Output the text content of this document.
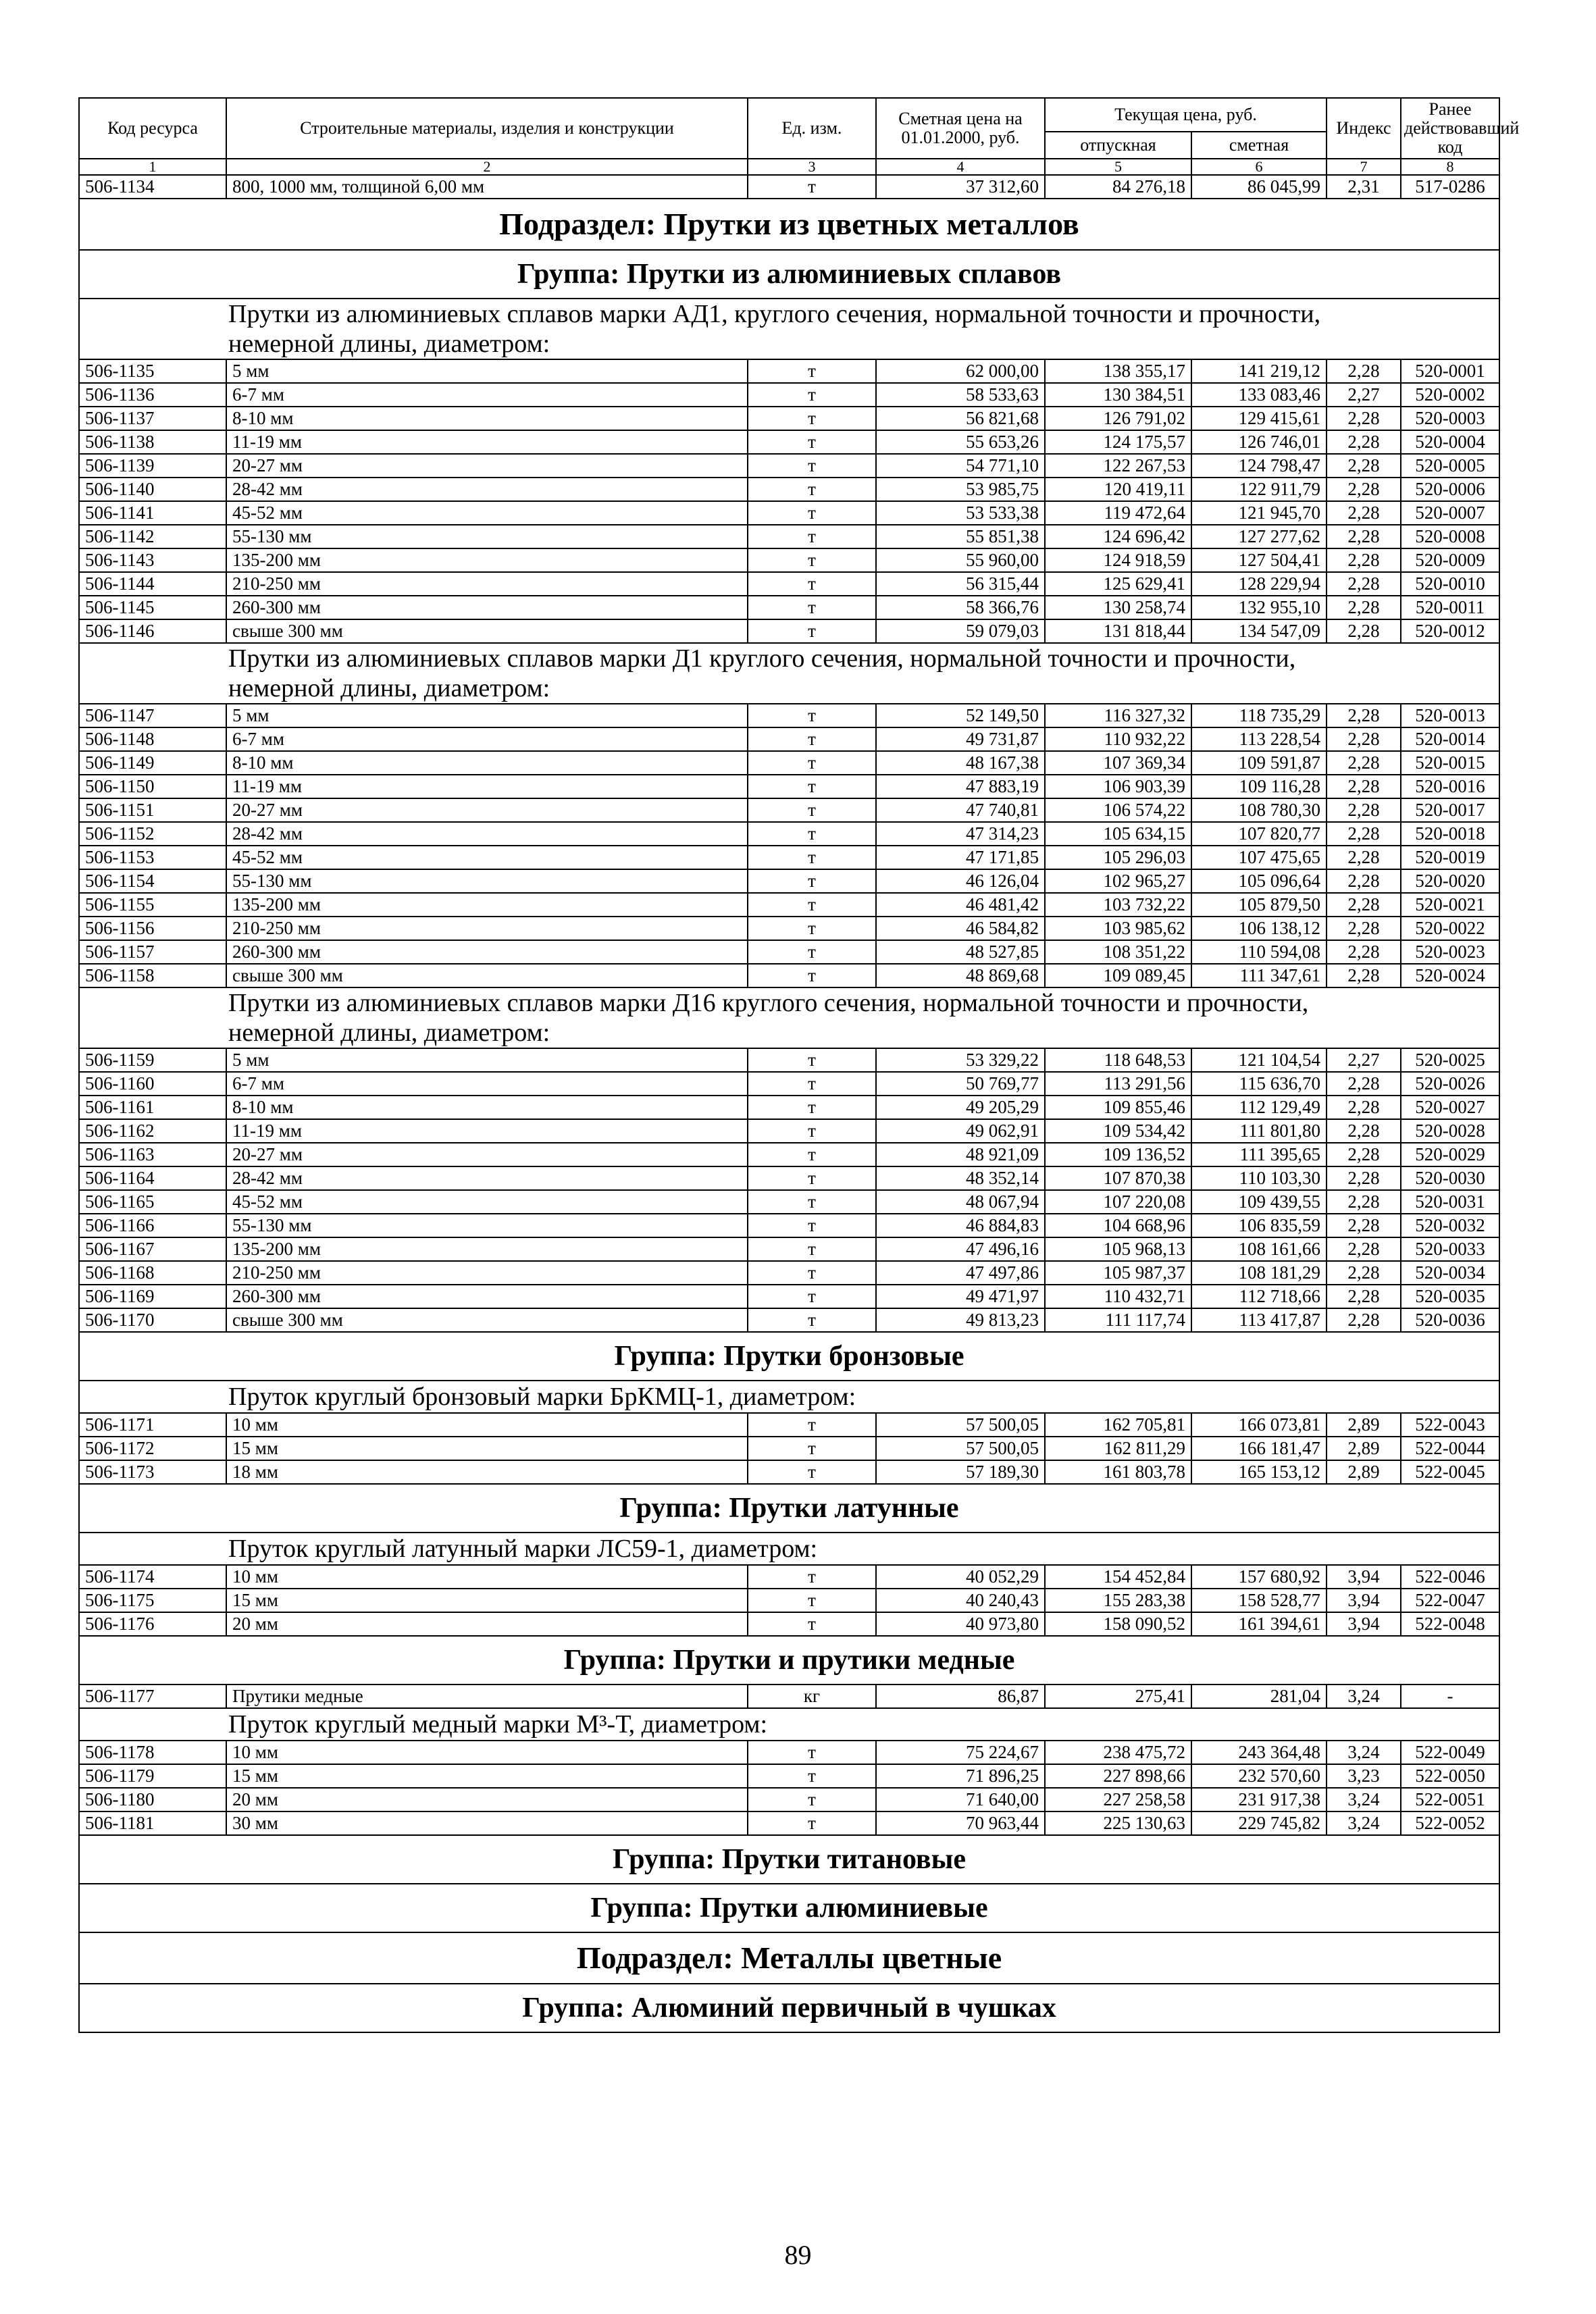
Код ресурса	Строительные материалы, изделия и конструкции	Ед. изм.	Сметная цена на 01.01.2000, руб.	Текущая цена, руб.		Индекс	Ранее действовавший код
				отпускная	сметная		
1	2	3	4	5	6	7	8
506-1134	800, 1000 мм, толщиной 6,00 мм	т	37 312,60	84 276,18	86 045,99	2,31	517-0286
Подраздел: Прутки из цветных металлов							
Группа: Прутки из алюминиевых сплавов							

Прутки из алюминиевых сплавов марки АД1, круглого сечения, нормальной точности и прочности,
немерной длины, диаметром:							

506-1135	5 мм	т	62 000,00	138 355,17	141 219,12	2,28	520-0001
506-1136	6-7 мм	т	58 533,63	130 384,51	133 083,46	2,27	520-0002
506-1137	8-10 мм	т	56 821,68	126 791,02	129 415,61	2,28	520-0003
506-1138	11-19 мм	т	55 653,26	124 175,57	126 746,01	2,28	520-0004
506-1139	20-27 мм	т	54 771,10	122 267,53	124 798,47	2,28	520-0005
506-1140	28-42 мм	т	53 985,75	120 419,11	122 911,79	2,28	520-0006
506-1141	45-52 мм	т	53 533,38	119 472,64	121 945,70	2,28	520-0007
506-1142	55-130 мм	т	55 851,38	124 696,42	127 277,62	2,28	520-0008
506-1143	135-200 мм	т	55 960,00	124 918,59	127 504,41	2,28	520-0009
506-1144	210-250 мм	т	56 315,44	125 629,41	128 229,94	2,28	520-0010
506-1145	260-300 мм	т	58 366,76	130 258,74	132 955,10	2,28	520-0011
506-1146	свыше 300 мм	т	59 079,03	131 818,44	134 547,09	2,28	520-0012

Прутки из алюминиевых сплавов марки Д1 круглого сечения, нормальной точности и прочности,
немерной длины, диаметром:							

506-1147	5 мм	т	52 149,50	116 327,32	118 735,29	2,28	520-0013
506-1148	6-7 мм	т	49 731,87	110 932,22	113 228,54	2,28	520-0014
506-1149	8-10 мм	т	48 167,38	107 369,34	109 591,87	2,28	520-0015
506-1150	11-19 мм	т	47 883,19	106 903,39	109 116,28	2,28	520-0016
506-1151	20-27 мм	т	47 740,81	106 574,22	108 780,30	2,28	520-0017
506-1152	28-42 мм	т	47 314,23	105 634,15	107 820,77	2,28	520-0018
506-1153	45-52 мм	т	47 171,85	105 296,03	107 475,65	2,28	520-0019
506-1154	55-130 мм	т	46 126,04	102 965,27	105 096,64	2,28	520-0020
506-1155	135-200 мм	т	46 481,42	103 732,22	105 879,50	2,28	520-0021
506-1156	210-250 мм	т	46 584,82	103 985,62	106 138,12	2,28	520-0022
506-1157	260-300 мм	т	48 527,85	108 351,22	110 594,08	2,28	520-0023
506-1158	свыше 300 мм	т	48 869,68	109 089,45	111 347,61	2,28	520-0024

Прутки из алюминиевых сплавов марки Д16 круглого сечения, нормальной точности и прочности,
немерной длины, диаметром:							

506-1159	5 мм	т	53 329,22	118 648,53	121 104,54	2,27	520-0025
506-1160	6-7 мм	т	50 769,77	113 291,56	115 636,70	2,28	520-0026
506-1161	8-10 мм	т	49 205,29	109 855,46	112 129,49	2,28	520-0027
506-1162	11-19 мм	т	49 062,91	109 534,42	111 801,80	2,28	520-0028
506-1163	20-27 мм	т	48 921,09	109 136,52	111 395,65	2,28	520-0029
506-1164	28-42 мм	т	48 352,14	107 870,38	110 103,30	2,28	520-0030
506-1165	45-52 мм	т	48 067,94	107 220,08	109 439,55	2,28	520-0031
506-1166	55-130 мм	т	46 884,83	104 668,96	106 835,59	2,28	520-0032
506-1167	135-200 мм	т	47 496,16	105 968,13	108 161,66	2,28	520-0033
506-1168	210-250 мм	т	47 497,86	105 987,37	108 181,29	2,28	520-0034
506-1169	260-300 мм	т	49 471,97	110 432,71	112 718,66	2,28	520-0035
506-1170	свыше 300 мм	т	49 813,23	111 117,74	113 417,87	2,28	520-0036
Группа: Прутки бронзовые							

Пруток круглый бронзовый марки БрКМЦ-1, диаметром:							

506-1171	10 мм	т	57 500,05	162 705,81	166 073,81	2,89	522-0043
506-1172	15 мм	т	57 500,05	162 811,29	166 181,47	2,89	522-0044
506-1173	18 мм	т	57 189,30	161 803,78	165 153,12	2,89	522-0045
Группа: Прутки латунные							

Пруток круглый латунный марки ЛС59-1, диаметром:							

506-1174	10 мм	т	40 052,29	154 452,84	157 680,92	3,94	522-0046
506-1175	15 мм	т	40 240,43	155 283,38	158 528,77	3,94	522-0047
506-1176	20 мм	т	40 973,80	158 090,52	161 394,61	3,94	522-0048
Группа: Прутки и прутики медные							
506-1177	Прутики медные	кг	86,87	275,41	281,04	3,24	-

Пруток круглый медный марки М³-Т, диаметром:							

506-1178	10 мм	т	75 224,67	238 475,72	243 364,48	3,24	522-0049
506-1179	15 мм	т	71 896,25	227 898,66	232 570,60	3,23	522-0050
506-1180	20 мм	т	71 640,00	227 258,58	231 917,38	3,24	522-0051
506-1181	30 мм	т	70 963,44	225 130,63	229 745,82	3,24	522-0052
Группа: Прутки титановые							
Группа: Прутки алюминиевые							
Подраздел: Металлы цветные							
Группа: Алюминий первичный в чушках							
89
